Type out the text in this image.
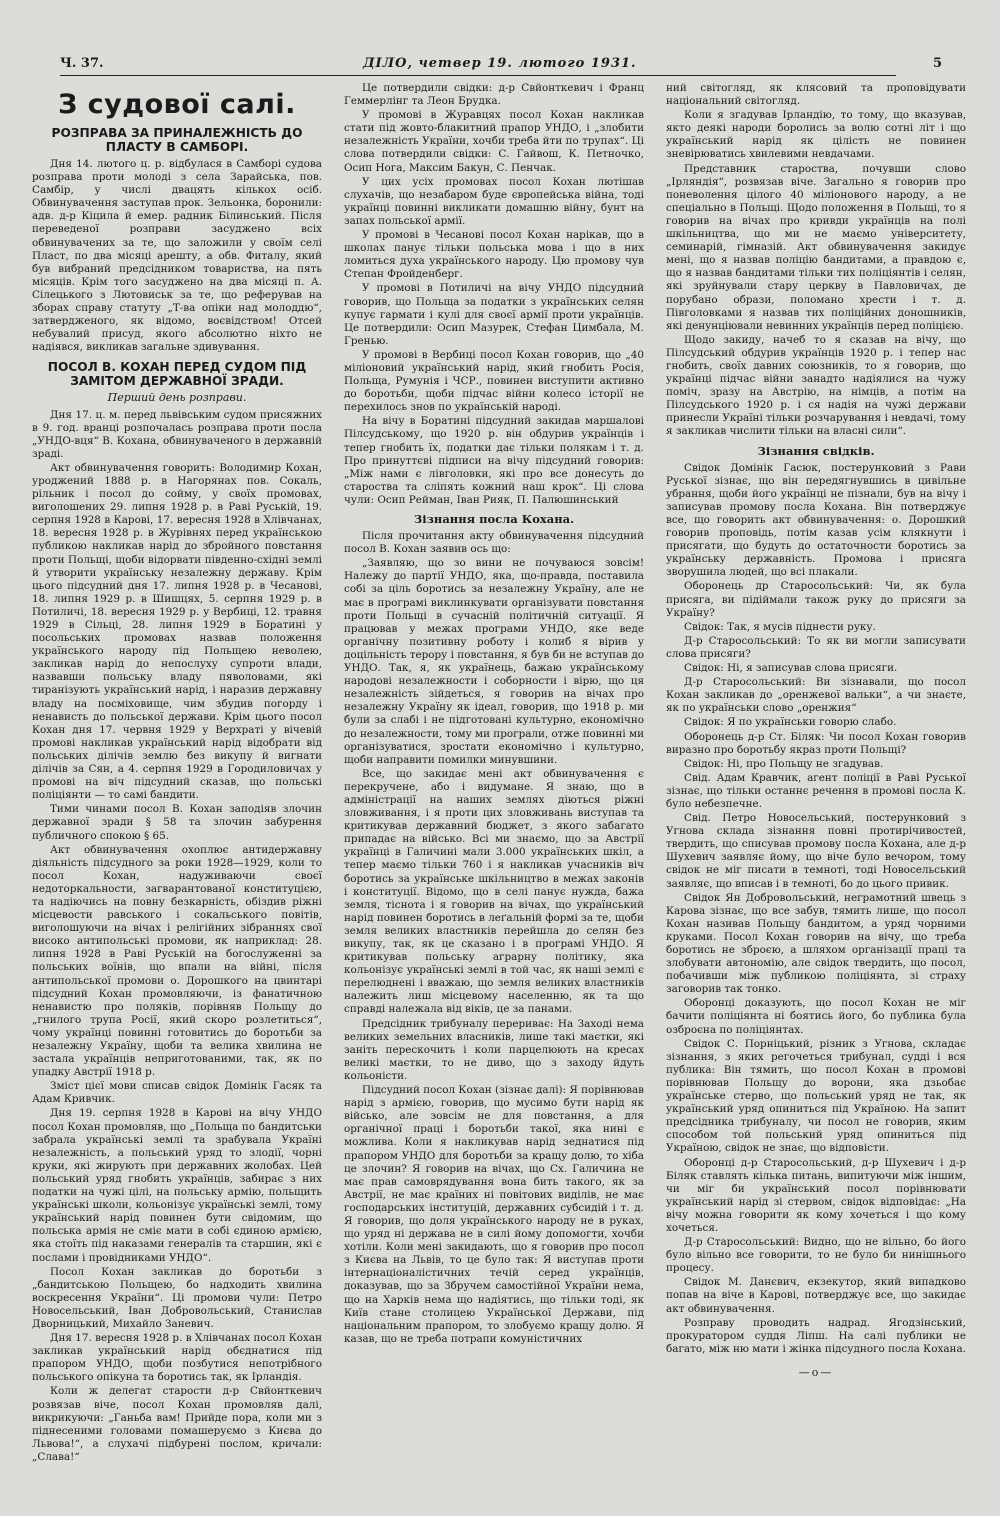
Ч. 37.	ДІЛО, четвер 19. лютого 1931.	5
З судової салі.
РОЗПРАВА ЗА ПРИНАЛЕЖНІСТЬ ДО ПЛАСТУ В САМБОРІ.

Дня 14. лютого ц. р. відбулася в Самборі судова розправа проти молоді з села Зарайська, пов. Самбір, у числі двацять кількох осіб. Обвинувачення заступав прок. Зельонка, боронили: адв. д-р Кіцила й емер. радник Білинський. Після переведеної розправи засуджено всіх обвинувачених за те, що заложили у своїм селі Пласт, по два місяці арешту, а обв. Фиталу, який був вибраний предсідником товариства, на пять місяців. Крім того засуджено на два місяці п. А. Сілецького з Лютовиськ за те, що реферував на зборах справу статуту „Т-ва опіки над молоддю“, затвердженого, як відомо, воєвідством! Отсей небувалий присуд, якого абсолютно ніхто не надіявся, викликав загальне здивування.

ПОСОЛ В. КОХАН ПЕРЕД СУДОМ ПІД ЗАМІТОМ ДЕРЖАВНОЇ ЗРАДИ.
Перший день розправи.

Дня 17. ц. м. перед львівським судом присяжних в 9. год. вранці розпочалась розправа проти посла „УНДО-вця“ В. Кохана, обвинуваченого в державній зраді.

Акт обвинувачення говорить: Володимир Кохан, уроджений 1888 р. в Нагорянах пов. Сокаль, рільник і посол до сойму, у своїх промовах, виголошених 29. липня 1928 р. в Раві Руській, 19. серпня 1928 в Карові, 17. вересня 1928 в Хлівчанах, 18. вересня 1928 р. в Журівнях перед українською публикою накликав нарід до збройного повстання проти Польщі, щоби відорвати південно-східні землі й утворити українську незалежну державу. Крім цього підсудний дня 17. липня 1928 р. в Чесанові, 18. липня 1929 р. в Шишцях, 5. серпня 1929 р. в Потиличі, 18. вересня 1929 р. у Вербиці, 12. травня 1929 в Сільці, 28. липня 1929 в Боратині у посольських промовах назвав положення українського народу під Польщею неволею, закликав нарід до непослуху супроти влади, назвавши польську владу пяволовами, які тиранізують український нарід, і наразив державну владу на посміховище, чим збудив погорду і ненависть до польської держави. Крім цього посол Кохан дня 17. червня 1929 у Верхраті у вічевій промові накликав український нарід відобрати від польських ділічів землю без викупу й вигнати ділічів за Сян, а 4. серпня 1929 в Городиловичах у промові на віч підсудний сказав, що польські поліціянти — то самі бандити.

Тими чинами посол В. Кохан заподіяв злочин державної зради § 58 та злочин забурення публичного спокою § 65.

Акт обвинувачення охоплює антидержавну діяльність підсудного за роки 1928—1929, коли то посол Кохан, надуживаючи своєї недоторкальности, загварантованої конституцією, та надіючись на повну безкарність, обіздив ріжні місцевости равського і сокальського повітів, виголошуючи на вічах і релігійних зібраннях свої високо антипольські промови, як наприклад: 28. липня 1928 в Раві Руській на богослуженні за польських воїнів, що впали на війні, після антипольської промови о. Дорошкого на цвинтарі підсудний Кохан промовляючи, із фанатичною ненавистю про поляків, порівняв Польщу до „гнилого трупа Росії, який скоро розлетиться“, чому українці повинні готовитись до боротьби за незалежну Україну, щоби та велика хвилина не застала українців неприготованими, так, як по упадку Австрії 1918 р.

Зміст цієї мови списав свідок Домінік Гасяк та Адам Кривчик.

Дня 19. серпня 1928 в Карові на вічу УНДО посол Кохан промовляв, що „Польща по бандитськи забрала українські землі та зрабувала Україні незалежність, а польський уряд то злодії, чорні круки, які жирують при державних жолобах. Цей польський уряд гнобить українців, забирає з них податки на чужі цілі, на польську армію, польщить українські школи, кольонізує українські землі, тому український нарід повинен бути свідомим, що польська армія не сміє мати в собі єдиною армією, яка стоїть під наказами генералів та старшин, які є послами і провідниками УНДО“.

Посол Кохан закликав до боротьби з „бандитською Польщею, бо надходить хвилина воскресення України“. Ці промови чули: Петро Новосельський, Іван Добровольський, Станислав Дворницький, Михайло Заневич.

Дня 17. вересня 1928 р. в Хлівчанах посол Кохан закликав український нарід обєднатися під прапором УНДО, щоби позбутися непотрібного польського опікуна та боротись так, як Ірландія.

Коли ж делегат старости д-р Свйонткевич розвязав віче, посол Кохан промовляв далі, викрикуючи: „Ганьба вам! Прийде пора, коли ми з піднесеними головами помашеруємо з Києва до Львова!“, а слухачі підбурені послом, кричали: „Слава!“

Це потвердили свідки: д-р Свйонткевич і Франц Геммерлінг та Леон Брудка.

У промові в Журавцях посол Кохан накликав стати під жовто-блакитний прапор УНДО, і „злобити незалежність України, хочби треба йти по трупах“. Ці слова потвердили свідки: С. Гайвош, К. Петночко, Осип Нога, Максим Бакун, С. Пенчак.

У цих усіх промовах посол Кохан лютішав слухачів, що незабаром буде європейська війна, тоді українці повинні викликати домашню війну, бунт на запах польської армії.

У промові в Чесанові посол Кохан нарікав, що в школах панує тільки польська мова і що в них ломиться духа українського народу. Цю промову чув Степан Фройденберг.

У промові в Потиличі на вічу УНДО підсудний говорив, що Польща за податки з українських селян купує гармати і кулі для своєї армії проти українців. Це потвердили: Осип Мазурек, Стефан Цимбала, М. Гренью.

У промові в Вербиці посол Кохан говорив, що „40 міліоновий український нарід, який гнобить Росія, Польща, Румунія і ЧСР., повинен виступити активно до боротьби, щоби підчас війни колесо історії не перехилось знов по українській народі.

На вічу в Боратині підсудний закидав маршалові Пілсудському, що 1920 р. він обдурив українців і тепер гнобить їх, податки дає тільки полякам і т. д. Про принуттєві підписи на вічу підсудний говорив: „Між нами є лівголовки, які про все донесуть до староства та сліпять кожний наш крок“. Ці слова чули: Осип Рейман, Іван Рияк, П. Палюшинський

Зізнання посла Кохана.

Після прочитання акту обвинувачення підсудний посол В. Кохан заявив ось що:

„Заявляю, що зо вини не почуваюся зовсім! Належу до партії УНДО, яка, що-правда, поставила собі за ціль боротись за незалежну Україну, але не має в програмі виклинкувати організувати повстання проти Польщі в сучасній політичній ситуації. Я працював у межах програми УНДО, яке веде органічну позитивну роботу і колиб я вірив у доцільність терору і повстання, я був би не вступав до УНДО. Так, я, як українець, бажаю українському народові незалежности і соборности і вірю, що ця незалежність зійдеться, я говорив на вічах про незалежну Україну як ідеал, говорив, що 1918 р. ми були за слабі і не підготовані культурно, економічно до незалежности, тому ми програли, отже повинні ми організуватися, зростати економічно і культурно, щоби направити помилки минувшини.

Все, що закидає мені акт обвинувачення є перекручене, або і видумане. Я знаю, що в адміністрації на наших землях діються ріжні зловживання, і я проти цих зловживань виступав та критикував державний бюджет, з якого забагато припадає на військо. Всі ми знаємо, що за Австрії українці в Галичині мали 3.000 українських шкіл, а тепер маємо тільки 760 і я накликав учасників віч боротись за українське шкільництво в межах законів і конституції. Відомо, що в селі панує нужда, бажа земля, тіснота і я говорив на вічах, що український нарід повинен боротись в леґальній формі за те, щоби земля великих властників перейшла до селян без викупу, так, як це сказано і в програмі УНДО. Я критикував польську аграрну політику, яка кольонізує українські землі в той час, як наші землі є перелюднені і вважаю, що земля великих властників належить лиш місцевому населенню, як та що справді належала від віків, це за панами.

Предсідник трибуналу перериває: На Заході нема великих земельних власників, лише такі маєтки, які заніть перескочить і коли парцелюють на кресах великі маєтки, то не диво, що з заходу йдуть кольоністи.

Підсудний посол Кохан (зізнає далі): Я порівнював нарід з армією, говорив, що мусимо бути нарід як військо, але зовсім не для повстання, а для органічної праці і боротьби такої, яка нині є можлива. Коли я накликував нарід зеднатися під прапором УНДО для боротьби за кращу долю, то хіба це злочин? Я говорив на вічах, що Сх. Галичина не має прав самоврядування вона бить такого, як за Австрії, не має країних ні повітових виділів, не має господарських інституцій, державних субсидій і т. д. Я говорив, що доля українського народу не в руках, що уряд ні держава не в силі йому допомогти, хочби хотіли. Коли мені закидають, що я говорив про посол з Києва на Львів, то це було так: Я виступав проти інтернаціоналістичних течій серед українців, доказував, що за Збручем самостійної України нема, що на Харків нема що надіятись, що тільки тоді, як Київ стане столицею Української Держави, під національним прапором, то злобуємо кращу долю. Я казав, що не треба потрапи комуністичних

ний світогляд, як клясовий та проповідувати національний світогляд.

Коли я згадував Ірландію, то тому, що вказував, якто деякі народи боролись за волю сотні літ і що український нарід як цілість не повинен зневірюватись хвилевими невдачами.

Представник староства, почувши слово „Ірляндія“, розвязав віче. Загально я говорив про поневолення цілого 40 міліонового народу, а не спеціально в Польщі. Щодо положення в Польщі, то я говорив на вічах про кривди українців на полі шкільництва, що ми не маємо університету, семинарій, гімназій. Акт обвинувачення закидує мені, що я назвав поліцію бандитами, а правдою є, що я назвав бандитами тільки тих поліціянтів і селян, які зруйнували стару церкву в Павловичах, де порубано образи, поломано хрести і т. д. Півголовками я назвав тих поліційних доношників, які денунціювали невинних українців перед поліцією.

Щодо закиду, начеб то я сказав на вічу, що Пілсудський обдурив українців 1920 р. і тепер нас гнобить, своїх давних союзників, то я говорив, що українці підчас війни занадто надіялися на чужу поміч, зразу на Австрію, на німців, а потім на Пілсудського 1920 р. і ся надія на чужі держави принесли Україні тільки розчарування і невдачі, тому я закликав числити тільки на власні сили“.

Зізнання свідків.

Свідок Домінік Гасюк, постерунковий з Рави Руської зізнає, що він передягнувшись в цивільне убрання, щоби його українці не пізнали, був на вічу і записував промову посла Кохана. Він потверджує все, що говорить акт обвинувачення: о. Дорошкий говорив проповідь, потім казав усім клякнути і присягати, що будуть до остаточности боротись за українську державність. Промова і присяга зворушила людей, що всі плакали.

Оборонець др Старосольський: Чи, як була присяга, ви підіймали також руку до присяги за Україну?

Свідок: Так, я мусів піднести руку.

Д-р Старосольський: То як ви могли записувати слова присяги?

Свідок: Ні, я записував слова присяги.

Д-р Старосольський: Ви зізнавали, що посол Кохан закликав до „оренжевої вальки“, а чи знаєте, як по українськи слово „оренжия“

Свідок: Я по українськи говорю слабо.

Оборонець д-р Ст. Біляк: Чи посол Кохан говорив виразно про боротьбу якраз проти Польщі?

Свідок: Ні, про Польщу не згадував.

Свід. Адам Кравчик, агент поліції в Раві Руської зізнає, що тільки останнє речення в промові посла К. було небезпечне.

Свід. Петро Новосельський, постерунковий з Угнова склада зізнання повні протирічивостей, твердить, що списував промову посла Кохана, але д-р Шухевич заявляє йому, що віче було вечором, тому свідок не міг писати в темноті, тоді Новосельський заявляє, що вписав і в темноті, бо до цього привик.

Свідок Ян Добровольський, неграмотний швець з Карова зізнає, що все забув, тямить лише, що посол Кохан називав Польщу бандитом, а уряд чорними круками. Посол Кохан говорив на вічу, що треба боротись не зброєю, а шляхом організації праці та злобувати автономію, але свідок твердить, що посол, побачивши між публикою поліціянта, зі страху заговорив так тонко.

Оборонці доказують, що посол Кохан не міг бачити поліціянта ні боятись його, бо публика була озброєна по поліціянтах.

Свідок С. Порніцький, різник з Угнова, складає зізнання, з яких регочеться трибунал, судді і вся публика: Він тямить, що посол Кохан в промові порівнював Польщу до ворони, яка дзьобає українське стерво, що польський уряд не так, як український уряд опиниться під Україною. На запит предсідника трибуналу, чи посол не говорив, яким способом той польський уряд опиниться під Україною, свідок не знає, що відповісти.

Оборонці д-р Старосольський, д-р Шухевич і д-р Біляк ставлять кілька питань, випитуючи між іншим, чи міг би український посол порівнювати український нарід зі стервом, свідок відповідає: „На вічу можна говорити як кому хочеться і що кому хочеться.

Д-р Старосольський: Видно, що не вільно, бо його було вільно все говорити, то не було би нинішнього процесу.

Свідок М. Данєвич, екзекутор, який випадково попав на віче в Карові, потверджує все, що закидає акт обвинувачення.

Розправу проводить надрад. Ягодзінський, прокуратором суддя Ліпш. На салі публики не багато, між ню мати і жінка підсудного посла Кохана.

—о—
